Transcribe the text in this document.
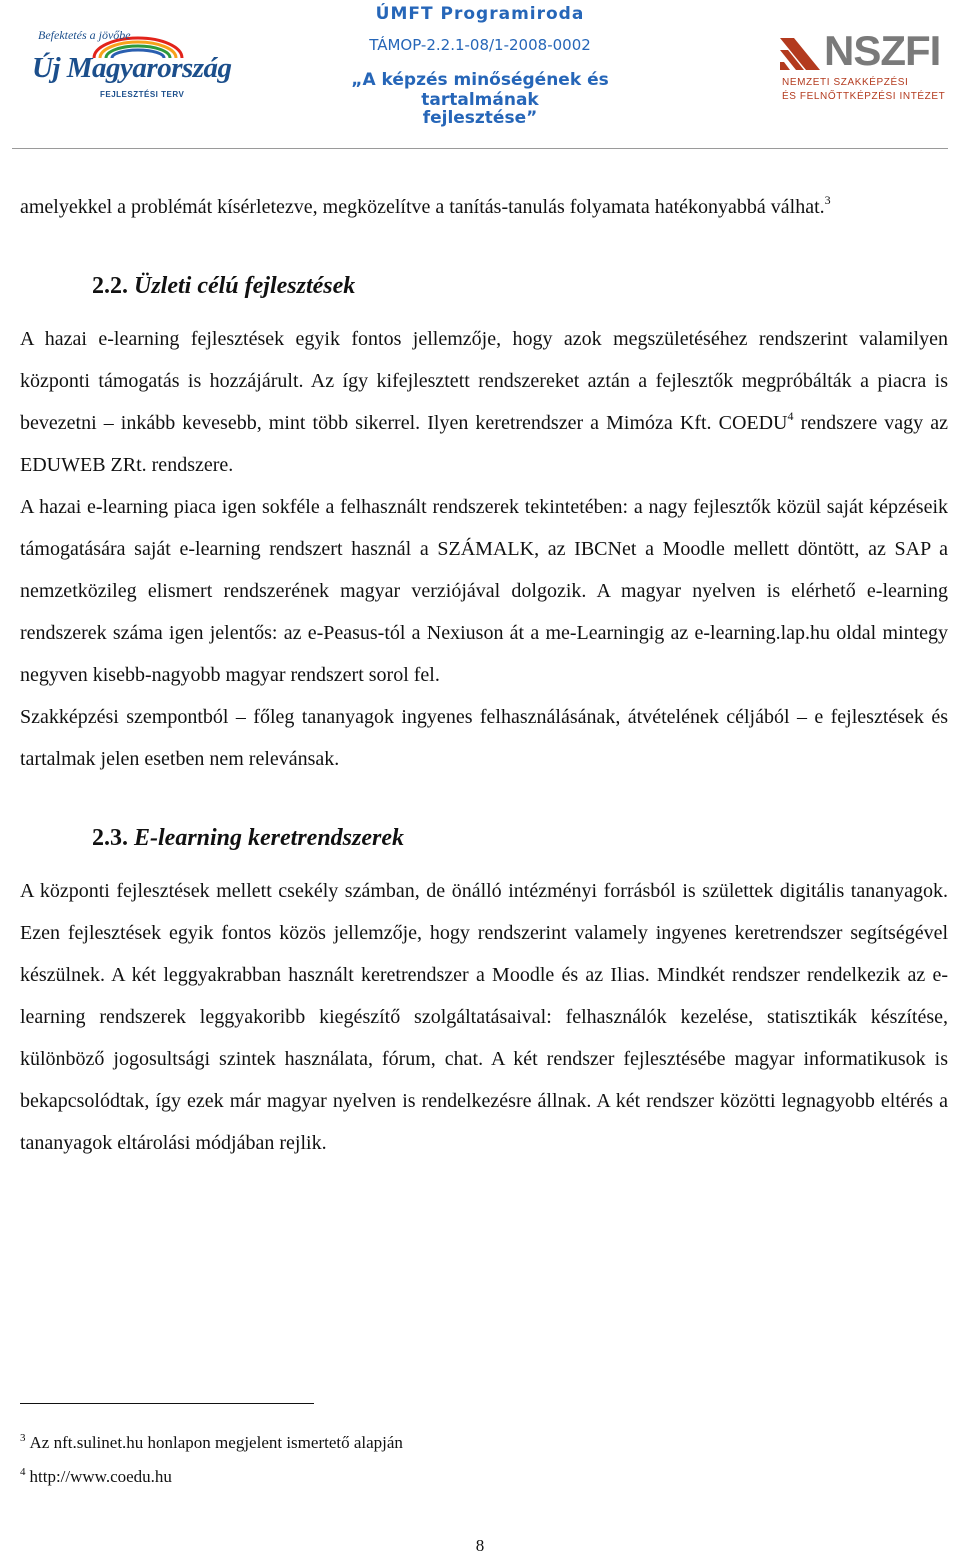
Befektetés a jövőbe
Új Magyarország
FEJLESZTÉSI TERV
ÚMFT Programiroda
TÁMOP-2.2.1-08/1-2008-0002
„A képzés minőségének és tartalmának
fejlesztése”
NSZFI
NEMZETI SZAKKÉPZÉSI
ÉS FELNŐTTKÉPZÉSI INTÉZET

amelyekkel a problémát kísérletezve, megközelítve a tanítás-tanulás folyamata hatékonyabbá válhat.$^3$

2.2. Üzleti célú fejlesztések

A hazai e-learning fejlesztések egyik fontos jellemzője, hogy azok megszületéséhez rendszerint valamilyen központi támogatás is hozzájárult. Az így kifejlesztett rendszereket aztán a fejlesztők megpróbálták a piacra is bevezetni – inkább kevesebb, mint több sikerrel. Ilyen keretrendszer a Mimóza Kft. COEDU$^4$ rendszere vagy az EDUWEB ZRt. rendszere.

A hazai e-learning piaca igen sokféle a felhasznált rendszerek tekintetében: a nagy fejlesztők közül saját képzéseik támogatására saját e-learning rendszert használ a SZÁMALK, az IBCNet a Moodle mellett döntött, az SAP a nemzetközileg elismert rendszerének magyar verziójával dolgozik. A magyar nyelven is elérhető e-learning rendszerek száma igen jelentős: az e-Peasus-tól a Nexiuson át a me-Learningig az e-learning.lap.hu oldal mintegy negyven kisebb-nagyobb magyar rendszert sorol fel.

Szakképzési szempontból – főleg tananyagok ingyenes felhasználásának, átvételének céljából – e fejlesztések és tartalmak jelen esetben nem relevánsak.

2.3. E-learning keretrendszerek

A központi fejlesztések mellett csekély számban, de önálló intézményi forrásból is születtek digitális tananyagok. Ezen fejlesztések egyik fontos közös jellemzője, hogy rendszerint valamely ingyenes keretrendszer segítségével készülnek. A két leggyakrabban használt keretrendszer a Moodle és az Ilias. Mindkét rendszer rendelkezik az e-learning rendszerek leggyakoribb kiegészítő szolgáltatásaival: felhasználók kezelése, statisztikák készítése, különböző jogosultsági szintek használata, fórum, chat. A két rendszer fejlesztésébe magyar informatikusok is bekapcsolódtak, így ezek már magyar nyelven is rendelkezésre állnak. A két rendszer közötti legnagyobb eltérés a tananyagok eltárolási módjában rejlik.

$^3$ Az nft.sulinet.hu honlapon megjelent ismertető alapján
$^4$ http://www.coedu.hu
8
